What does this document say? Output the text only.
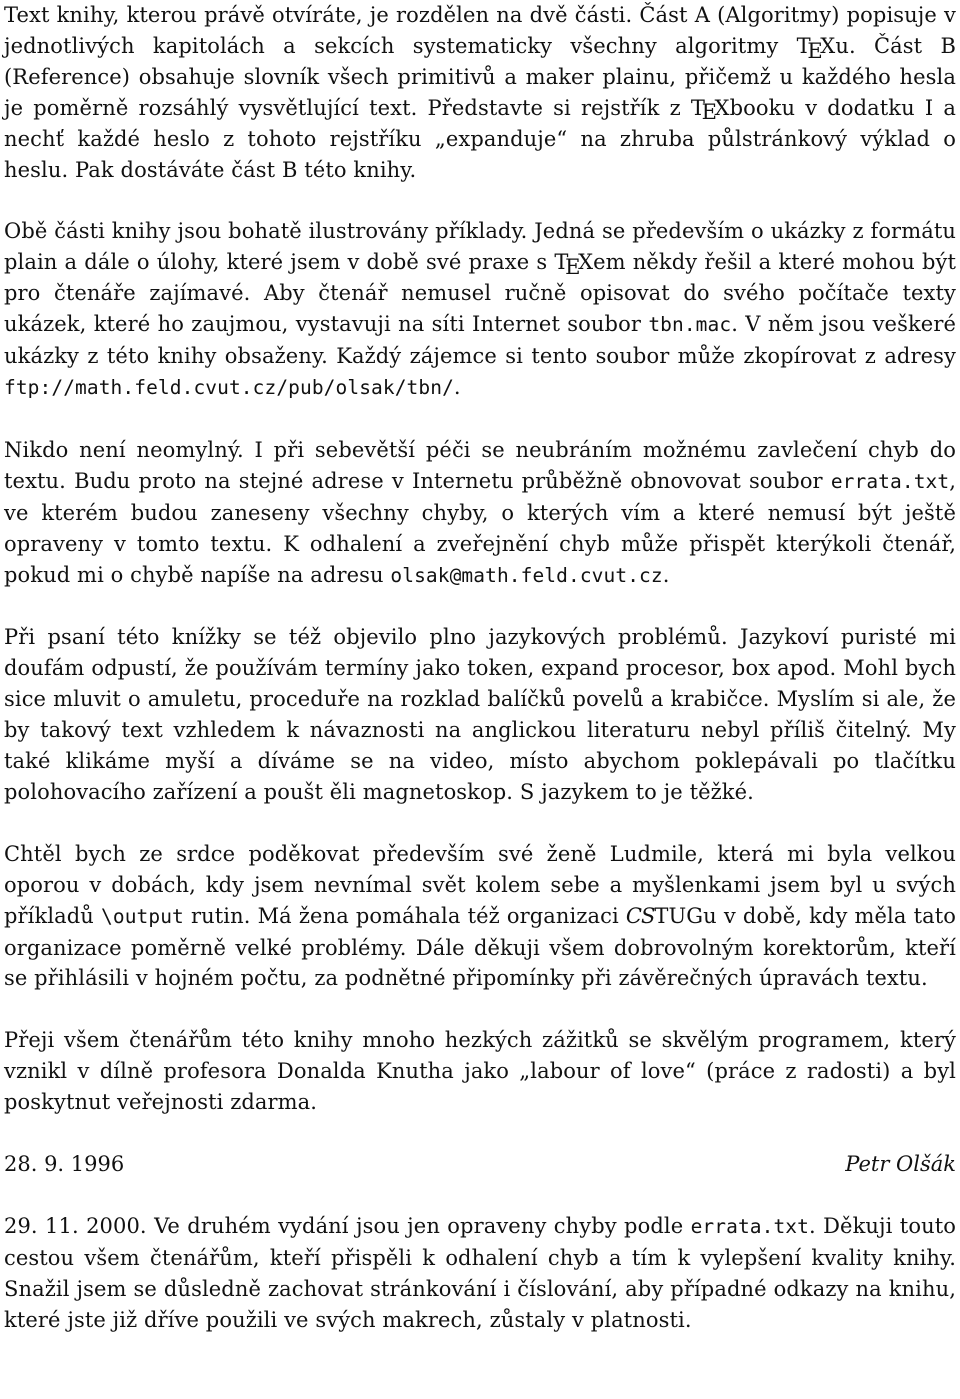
Text knihy, kterou právě otvíráte, je rozdělen na dvě části. Část A (Algoritmy) popisuje v jednotlivých kapitolách a sekcích systematicky všechny algoritmy TEXu. Část B (Reference) obsahuje slovník všech primitivů a maker plainu, přičemž u každého hesla je poměrně rozsáhlý vysvětlující text. Představte si rejstřík z TEXbooku v dodatku I a nechť každé heslo z tohoto rejstříku „expanduje“ na zhruba půlstránkový výklad o heslu. Pak dostáváte část B této knihy.

Obě části knihy jsou bohatě ilustrovány příklady. Jedná se především o ukázky z formátu plain a dále o úlohy, které jsem v době své praxe s TEXem někdy řešil a které mohou být pro čtenáře zajímavé. Aby čtenář nemusel ručně opisovat do svého počítače texty ukázek, které ho zaujmou, vystavuji na síti Internet soubor tbn.mac. V něm jsou veškeré ukázky z této knihy obsaženy. Každý zájemce si tento soubor může zkopírovat z adresy ftp://math.feld.cvut.cz/pub/olsak/tbn/.

Nikdo není neomylný. I při sebevětší péči se neubráním možnému zavlečení chyb do textu. Budu proto na stejné adrese v Internetu průběžně obnovovat soubor errata.txt, ve kterém budou zaneseny všechny chyby, o kterých vím a které nemusí být ještě opraveny v tomto textu. K odhalení a zveřejnění chyb může přispět kterýkoli čtenář, pokud mi o chybě napíše na adresu olsak@math.feld.cvut.cz.

Při psaní této knížky se též objevilo plno jazykových problémů. Jazykoví puristé mi doufám odpustí, že používám termíny jako token, expand procesor, box apod. Mohl bych sice mluvit o amuletu, proceduře na rozklad balíčků povelů a krabičce. Myslím si ale, že by takový text vzhledem k návaznosti na anglickou literaturu nebyl příliš čitelný. My také klikáme myší a díváme se na video, místo abychom poklepávali po tlačítku polohovacího zařízení a poušt ěli magnetoskop. S jazykem to je těžké.

Chtěl bych ze srdce poděkovat především své ženě Ludmile, která mi byla velkou oporou v dobách, kdy jsem nevnímal svět kolem sebe a myšlenkami jsem byl u svých příkladů \output rutin. Má žena pomáhala též organizaci CSTUGu v době, kdy měla tato organizace poměrně velké problémy. Dále děkuji všem dobrovolným korektorům, kteří se přihlásili v hojném počtu, za podnětné připomínky při závěrečných úpravách textu.

Přeji všem čtenářům této knihy mnoho hezkých zážitků se skvělým programem, který vznikl v dílně profesora Donalda Knutha jako „labour of love“ (práce z radosti) a byl poskytnut veřejnosti zdarma.

28. 9. 1996	Petr Olšák

29. 11. 2000. Ve druhém vydání jsou jen opraveny chyby podle errata.txt. Děkuji touto cestou všem čtenářům, kteří přispěli k odhalení chyb a tím k vylepšení kvality knihy. Snažil jsem se důsledně zachovat stránkování i číslování, aby případné odkazy na knihu, které jste již dříve použili ve svých makrech, zůstaly v platnosti.
